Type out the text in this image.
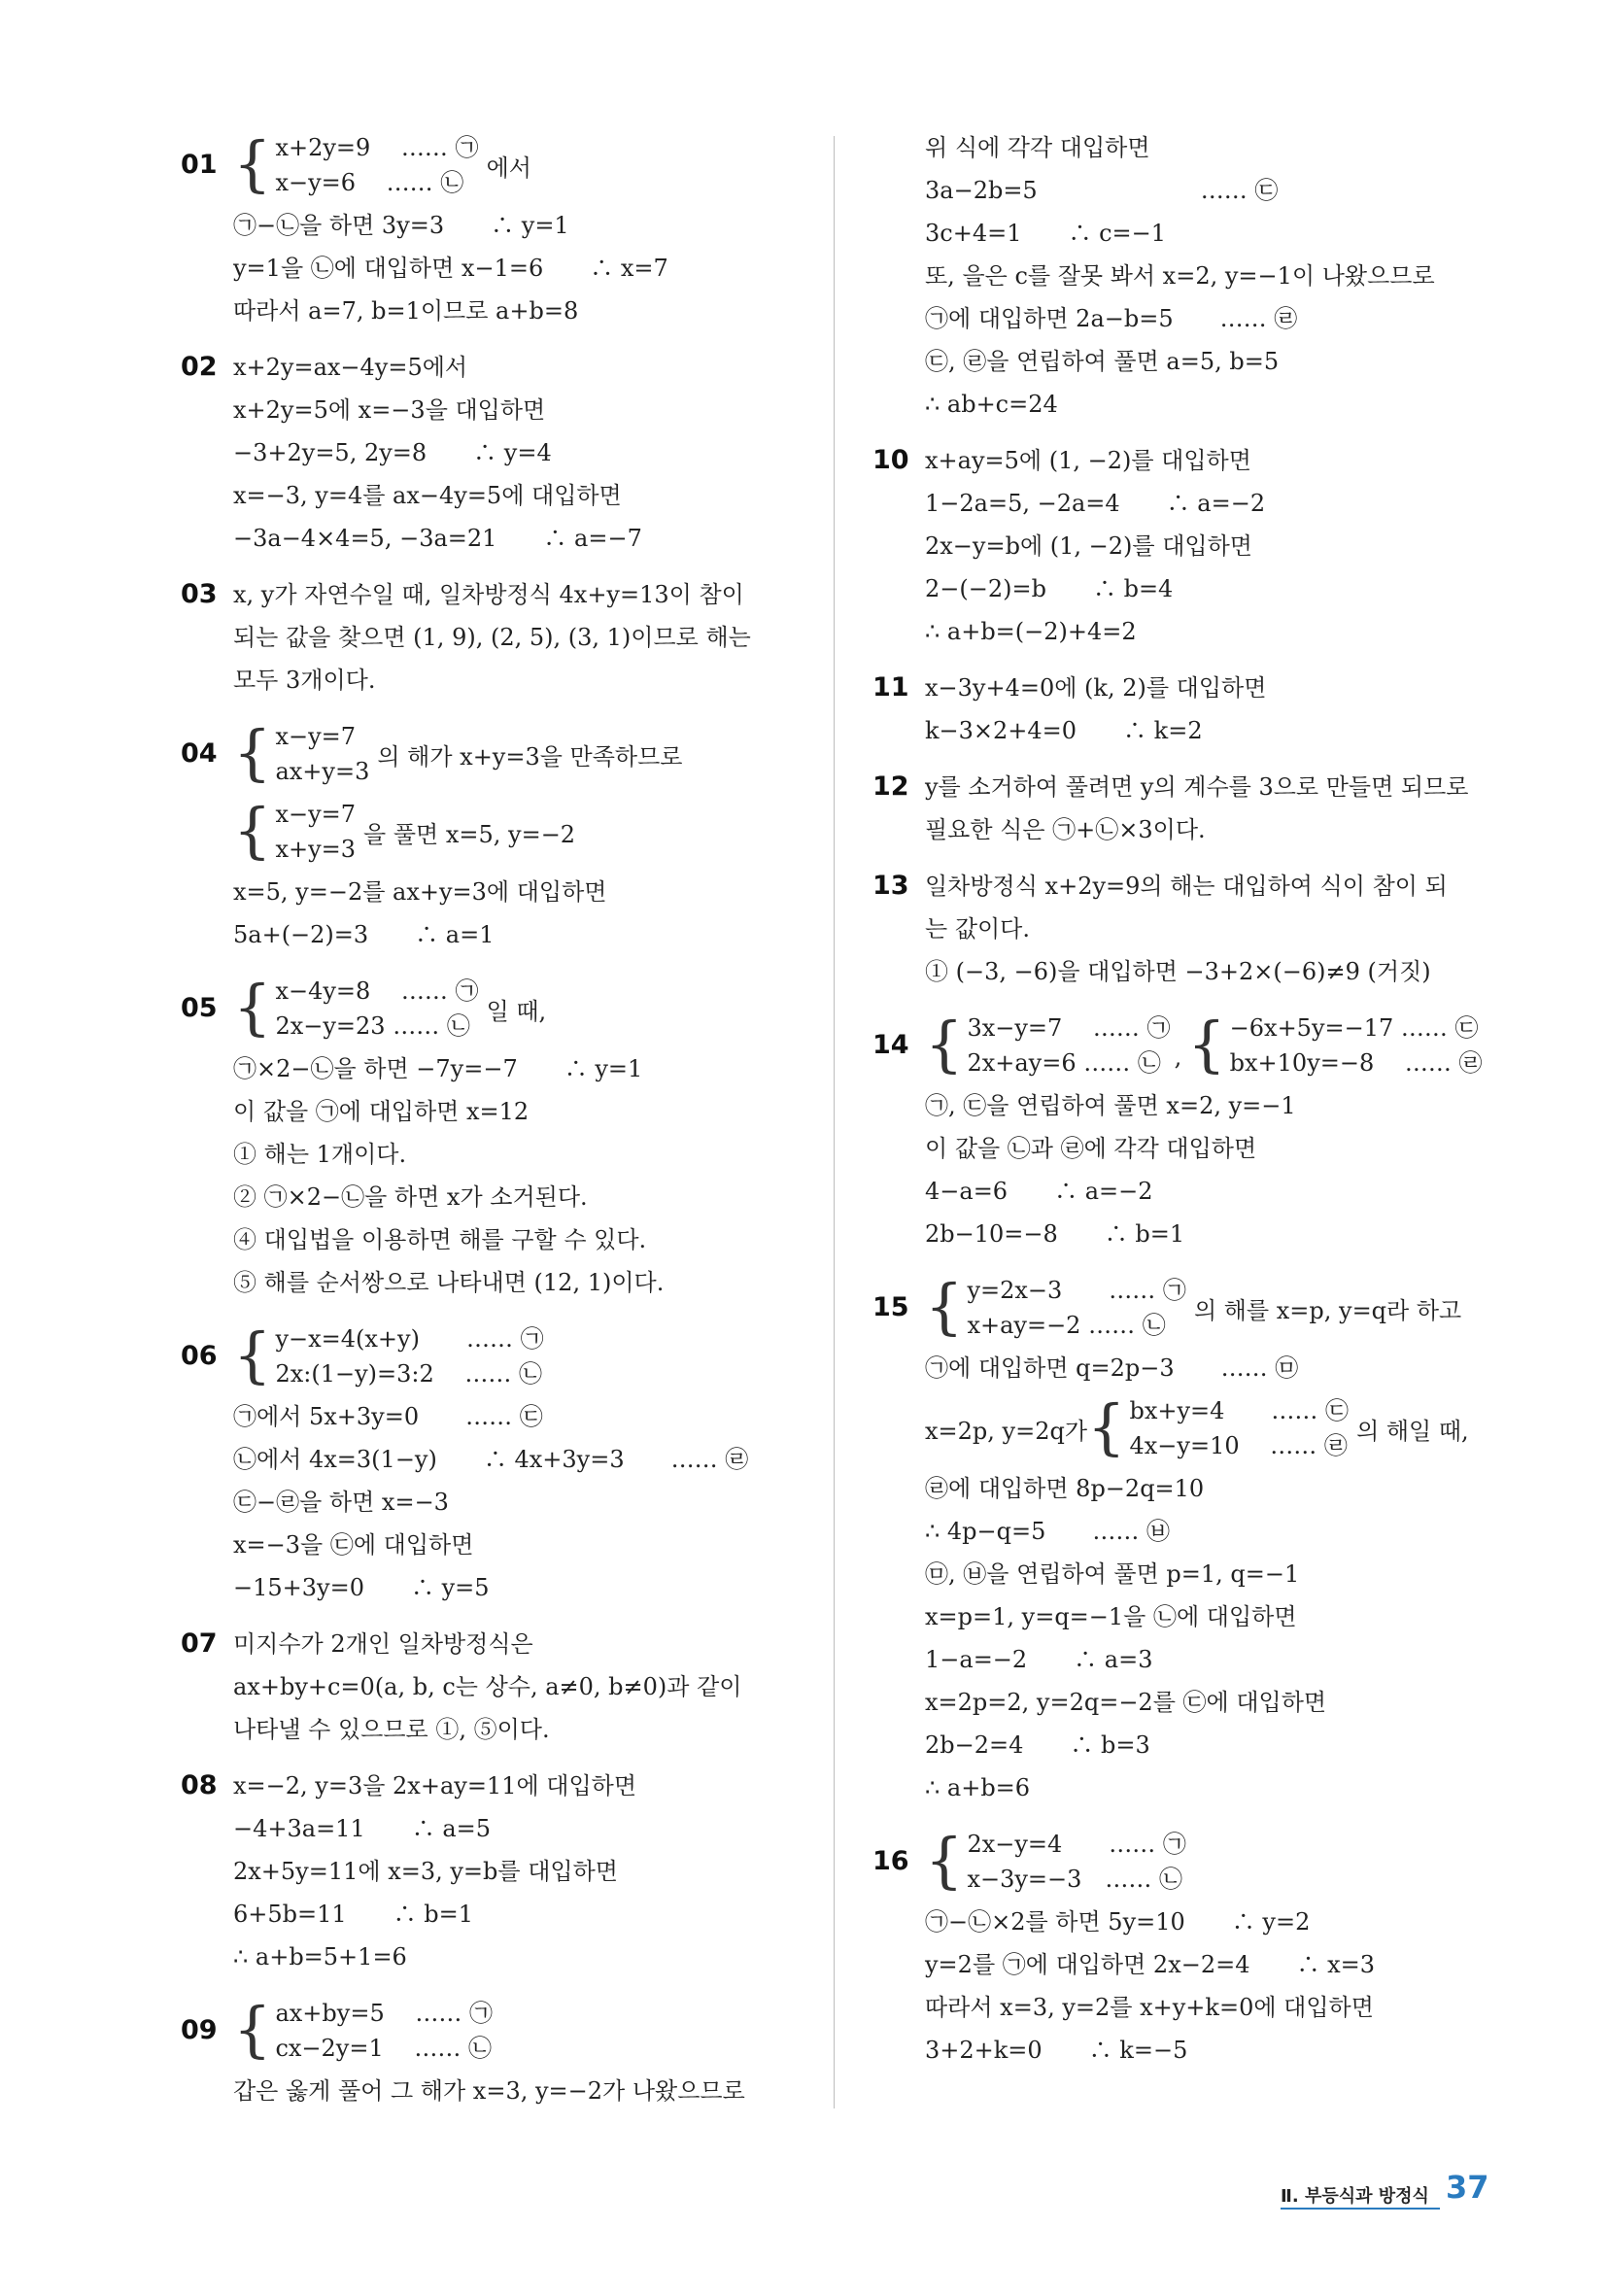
01 { x+2y=9　 …… ㉠
x−y=6　 …… ㉡
에서
㉠−㉡을 하면 3y=3　　∴ y=1
y=1을 ㉡에 대입하면 x−1=6　　∴ x=7
따라서 a=7, b=1이므로 a+b=8
02 x+2y=ax−4y=5에서
x+2y=5에 x=−3을 대입하면
−3+2y=5, 2y=8　　∴ y=4
x=−3, y=4를 ax−4y=5에 대입하면
−3a−4×4=5, −3a=21　　∴ a=−7
03 x, y가 자연수일 때, 일차방정식 4x+y=13이 참이
되는 값을 찾으면 (1, 9), (2, 5), (3, 1)이므로 해는
모두 3개이다.
04 { x−y=7
ax+y=3
의 해가 x+y=3을 만족하므로
{ x−y=7
x+y=3
을 풀면 x=5, y=−2
x=5, y=−2를 ax+y=3에 대입하면
5a+(−2)=3　　∴ a=1
05 { x−4y=8　 …… ㉠
2x−y=23 …… ㉡
일 때,
㉠×2−㉡을 하면 −7y=−7　　∴ y=1
이 값을 ㉠에 대입하면 x=12
① 해는 1개이다.
② ㉠×2−㉡을 하면 x가 소거된다.
④ 대입법을 이용하면 해를 구할 수 있다.
⑤ 해를 순서쌍으로 나타내면 (12, 1)이다.
06 { y−x=4(x+y)　　…… ㉠
2x:(1−y)=3:2　 …… ㉡
㉠에서 5x+3y=0　　…… ㉢
㉡에서 4x=3(1−y)　　∴ 4x+3y=3　　…… ㉣
㉢−㉣을 하면 x=−3
x=−3을 ㉢에 대입하면
−15+3y=0　　∴ y=5
07 미지수가 2개인 일차방정식은
ax+by+c=0(a, b, c는 상수, a≠0, b≠0)과 같이
나타낼 수 있으므로 ①, ⑤이다.
08 x=−2, y=3을 2x+ay=11에 대입하면
−4+3a=11　　∴ a=5
2x+5y=11에 x=3, y=b를 대입하면
6+5b=11　　∴ b=1
∴ a+b=5+1=6
09 { ax+by=5　 …… ㉠
cx−2y=1　 …… ㉡
갑은 옳게 풀어 그 해가 x=3, y=−2가 나왔으므로
위 식에 각각 대입하면
3a−2b=5　　　　　　　…… ㉢
3c+4=1　　∴ c=−1
또, 을은 c를 잘못 봐서 x=2, y=−1이 나왔으므로
㉠에 대입하면 2a−b=5　　…… ㉣
㉢, ㉣을 연립하여 풀면 a=5, b=5
∴ ab+c=24
10 x+ay=5에 (1, −2)를 대입하면
1−2a=5, −2a=4　　∴ a=−2
2x−y=b에 (1, −2)를 대입하면
2−(−2)=b　　∴ b=4
∴ a+b=(−2)+4=2
11 x−3y+4=0에 (k, 2)를 대입하면
k−3×2+4=0　　∴ k=2
12 y를 소거하여 풀려면 y의 계수를 3으로 만들면 되므로
필요한 식은 ㉠+㉡×3이다.
13 일차방정식 x+2y=9의 해는 대입하여 식이 참이 되
는 값이다.
① (−3, −6)을 대입하면 −3+2×(−6)≠9 (거짓)
14 { 3x−y=7　 …… ㉠
2x+ay=6 …… ㉡ , { −6x+5y=−17 …… ㉢
bx+10y=−8　 …… ㉣
㉠, ㉢을 연립하여 풀면 x=2, y=−1
이 값을 ㉡과 ㉣에 각각 대입하면
4−a=6　　∴ a=−2
2b−10=−8　　∴ b=1
15 { y=2x−3　　…… ㉠
x+ay=−2 …… ㉡
의 해를 x=p, y=q라 하고
㉠에 대입하면 q=2p−3　　…… ㉤
x=2p, y=2q가 { bx+y=4　　…… ㉢
4x−y=10　 …… ㉣
의 해일 때,
㉣에 대입하면 8p−2q=10
∴ 4p−q=5　　…… ㉥
㉤, ㉥을 연립하여 풀면 p=1, q=−1
x=p=1, y=q=−1을 ㉡에 대입하면
1−a=−2　　∴ a=3
x=2p=2, y=2q=−2를 ㉢에 대입하면
2b−2=4　　∴ b=3
∴ a+b=6
16 { 2x−y=4　　…… ㉠
x−3y=−3　…… ㉡
㉠−㉡×2를 하면 5y=10　　∴ y=2
y=2를 ㉠에 대입하면 2x−2=4　　∴ x=3
따라서 x=3, y=2를 x+y+k=0에 대입하면
3+2+k=0　　∴ k=−5
Ⅱ. 부등식과 방정식 37
